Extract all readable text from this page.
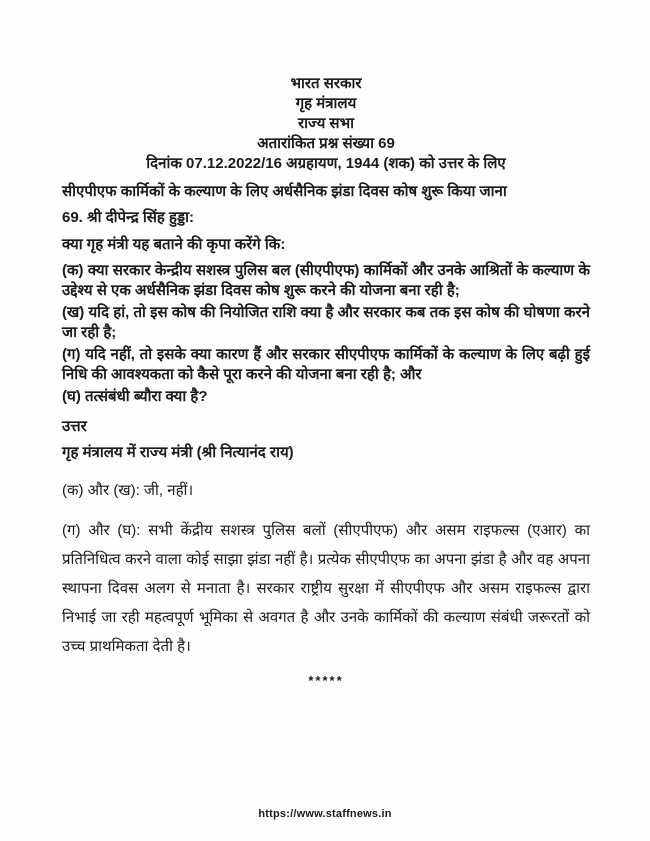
भारत सरकार

गृह मंत्रालय

राज्य सभा

अतारांकित प्रश्न संख्या 69

दिनांक 07.12.2022/16 अग्रहायण, 1944 (शक) को उत्तर के लिए

सीएपीएफ कार्मिकों के कल्याण के लिए अर्धसैनिक झंडा दिवस कोष शुरू किया जाना

69. श्री दीपेन्द्र सिंह हुड्डा:

क्या गृह मंत्री यह बताने की कृपा करेंगे कि:

(क) क्या सरकार केन्द्रीय सशस्त्र पुलिस बल (सीएपीएफ) कार्मिकों और उनके आश्रितों के कल्याण के उद्देश्य से एक अर्धसैनिक झंडा दिवस कोष शुरू करने की योजना बना रही है;

(ख) यदि हां, तो इस कोष की नियोजित राशि क्या है और सरकार कब तक इस कोष की घोषणा करने जा रही है;

(ग) यदि नहीं, तो इसके क्या कारण हैं और सरकार सीएपीएफ कार्मिकों के कल्याण के लिए बढ़ी हुई निधि की आवश्यकता को कैसे पूरा करने की योजना बना रही है; और

(घ) तत्संबंधी ब्यौरा क्या है?

उत्तर

गृह मंत्रालय में राज्य मंत्री (श्री नित्यानंद राय)

(क) और (ख): जी, नहीं।

(ग) और (घ): सभी केंद्रीय सशस्त्र पुलिस बलों (सीएपीएफ) और असम राइफल्स (एआर) का प्रतिनिधित्व करने वाला कोई साझा झंडा नहीं है। प्रत्येक सीएपीएफ का अपना झंडा है और वह अपना स्थापना दिवस अलग से मनाता है। सरकार राष्ट्रीय सुरक्षा में सीएपीएफ और असम राइफल्स द्वारा निभाई जा रही महत्वपूर्ण भूमिका से अवगत है और उनके कार्मिकों की कल्याण संबंधी जरूरतों को उच्च प्राथमिकता देती है।

*****

https://www.staffnews.in
